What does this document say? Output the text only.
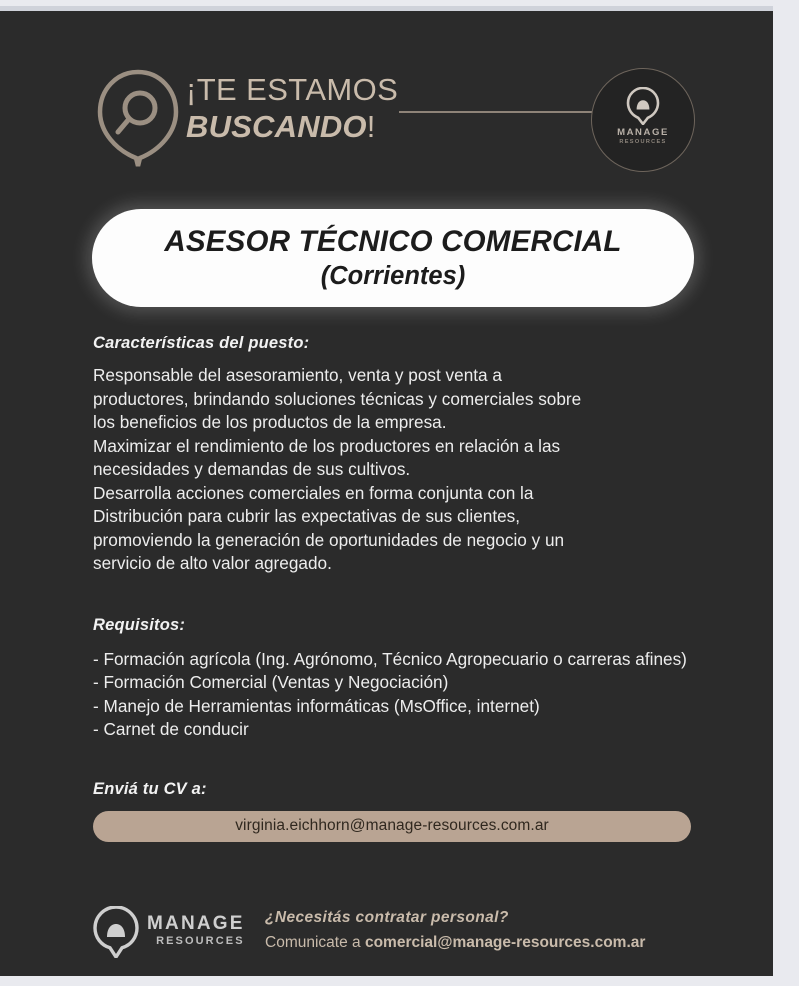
¡TE ESTAMOS
BUSCANDO!	MANAGE
RESOURCES
ASESOR TÉCNICO COMERCIAL
(Corrientes)

Características del puesto:

Responsable del asesoramiento, venta y post venta a
productores, brindando soluciones técnicas y comerciales sobre
los beneficios de los productos de la empresa.
Maximizar el rendimiento de los productores en relación a las
necesidades y demandas de sus cultivos.
Desarrolla acciones comerciales en forma conjunta con la
Distribución para cubrir las expectativas de sus clientes,
promoviendo la generación de oportunidades de negocio y un
servicio de alto valor agregado.

Requisitos:

- Formación agrícola (Ing. Agrónomo, Técnico Agropecuario o carreras afines)
- Formación Comercial (Ventas y Negociación)
- Manejo de Herramientas informáticas (MsOffice, internet)
- Carnet de conducir

Enviá tu CV a:

virginia.eichhorn@manage-resources.com.ar
MANAGE
RESOURCES
¿Necesitás contratar personal?
Comunicate a comercial@manage-resources.com.ar
